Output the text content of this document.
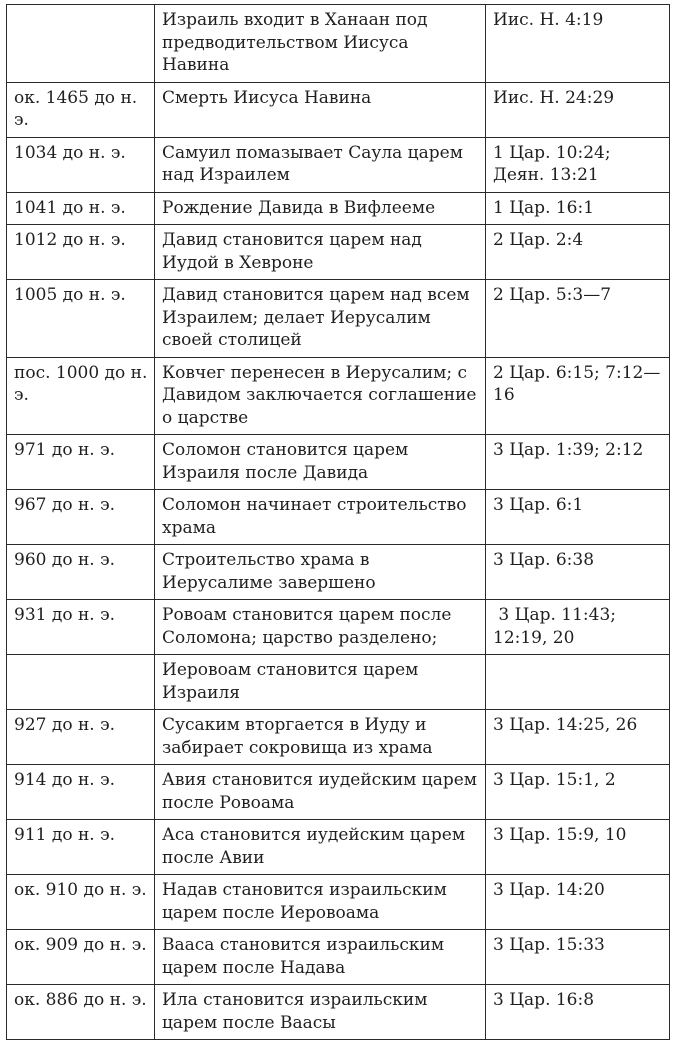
	Израиль входит в Ханаан под предводительством Иисуса Навина	Иис. Н. 4:19
ок. 1465 до н. э.	Смерть Иисуса Навина	Иис. Н. 24:29
1034 до н. э.	Самуил помазывает Саула царем над Израилем	1 Цар. 10:24; Деян. 13:21
1041 до н. э.	Рождение Давида в Вифлееме	1 Цар. 16:1
1012 до н. э.	Давид становится царем над Иудой в Хевроне	2 Цар. 2:4
1005 до н. э.	Давид становится царем над всем Израилем; делает Иерусалим своей столицей	2 Цар. 5:3—7
пос. 1000 до н. э.	Ковчег перенесен в Иерусалим; с Давидом заключается соглашение о царстве	2 Цар. 6:15; 7:12—16
971 до н. э.	Соломон становится царем Израиля после Давида	3 Цар. 1:39; 2:12
967 до н. э.	Соломон начинает строительство храма	3 Цар. 6:1
960 до н. э.	Строительство храма в Иерусалиме завершено	3 Цар. 6:38
931 до н. э.	Ровоам становится царем после Соломона; царство разделено;	3 Цар. 11:43; 12:19, 20
	Иеровоам становится царем Израиля	
927 до н. э.	Сусаким вторгается в Иуду и забирает сокровища из храма	3 Цар. 14:25, 26
914 до н. э.	Авия становится иудейским царем после Ровоама	3 Цар. 15:1, 2
911 до н. э.	Аса становится иудейским царем после Авии	3 Цар. 15:9, 10
ок. 910 до н. э.	Надав становится израильским царем после Иеровоама	3 Цар. 14:20
ок. 909 до н. э.	Вааса становится израильским царем после Надава	3 Цар. 15:33
ок. 886 до н. э.	Ила становится израильским царем после Ваасы	3 Цар. 16:8
